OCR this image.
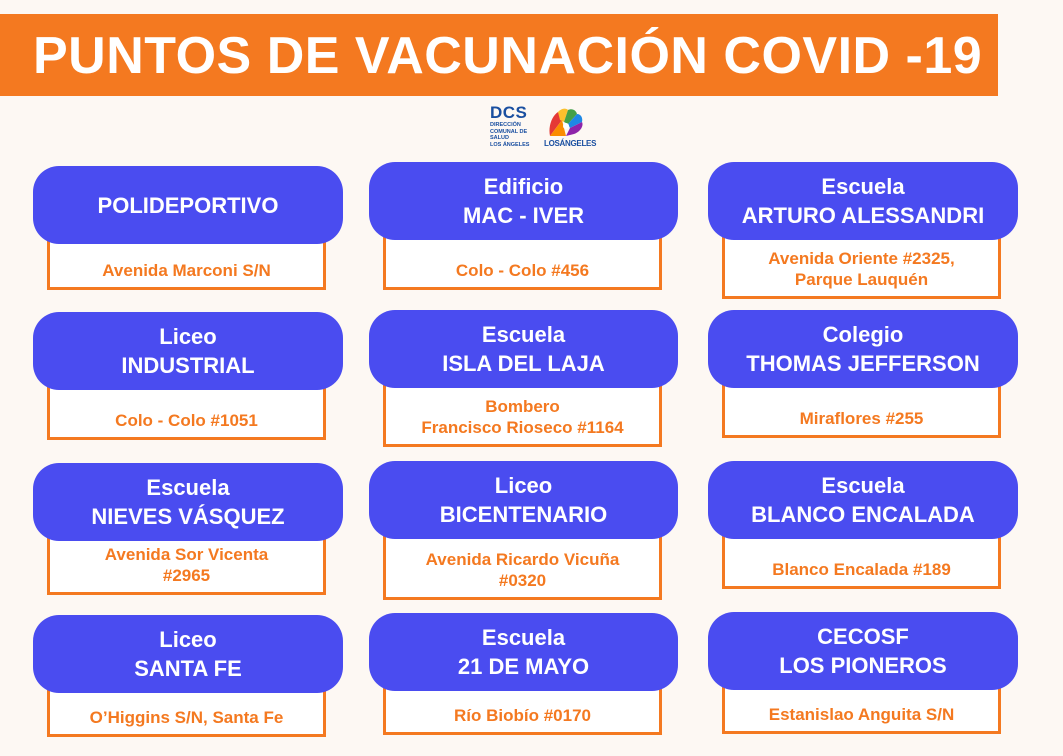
PUNTOS DE VACUNACIÓN COVID -19
DCS
DIRECCIÓN
COMUNAL DE
SALUD
LOS ÁNGELES LOSÁNGELES
POLIDEPORTIVO
Avenida Marconi S/N
Edificio
MAC - IVER
Colo - Colo #456
Escuela
ARTURO ALESSANDRI
Avenida Oriente #2325,
Parque Lauquén
Liceo
INDUSTRIAL
Colo - Colo #1051
Escuela
ISLA DEL LAJA
Bombero
Francisco Rioseco #1164
Colegio
THOMAS JEFFERSON
Miraflores #255
Escuela
NIEVES VÁSQUEZ
Avenida Sor Vicenta
#2965
Liceo
BICENTENARIO
Avenida Ricardo Vicuña
#0320
Escuela
BLANCO ENCALADA
Blanco Encalada #189
Liceo
SANTA FE
O’Higgins S/N, Santa Fe
Escuela
21 DE MAYO
Río Biobío #0170
CECOSF
LOS PIONEROS
Estanislao Anguita S/N
